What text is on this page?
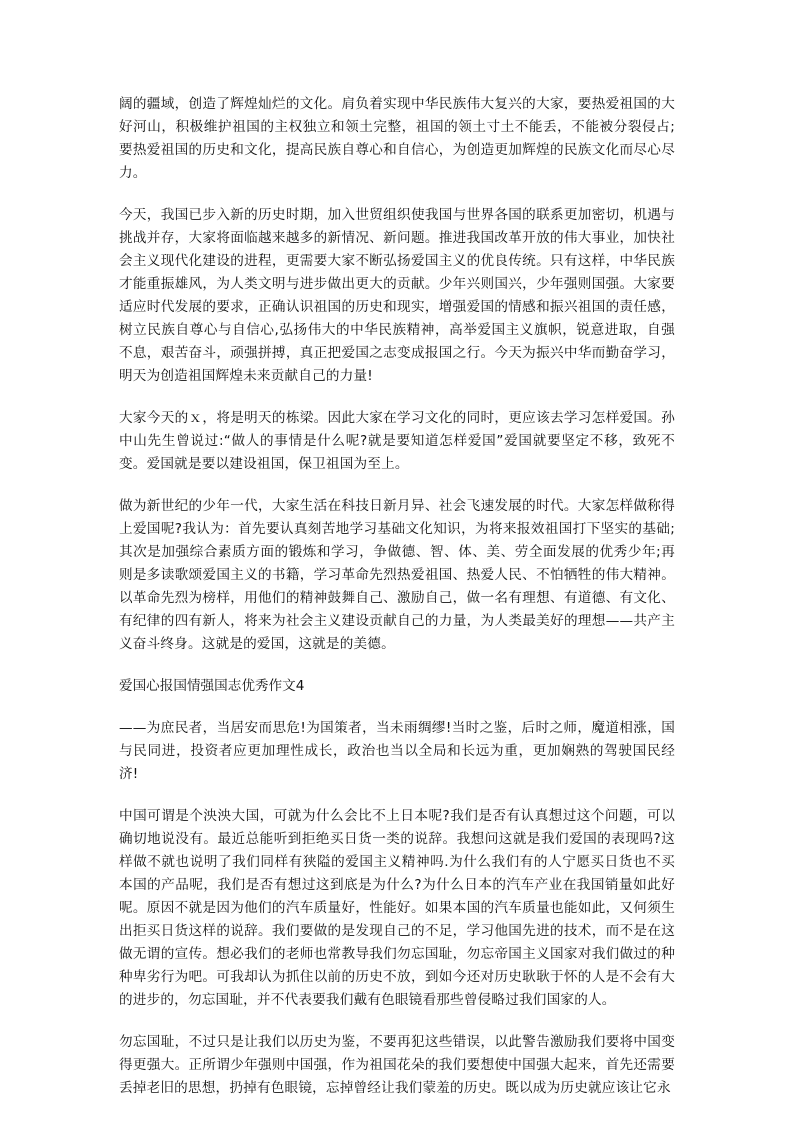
阔的疆域，创造了辉煌灿烂的文化。肩负着实现中华民族伟大复兴的大家，要热爱祖国的大好河山，积极维护祖国的主权独立和领土完整，祖国的领土寸土不能丢，不能被分裂侵占;要热爱祖国的历史和文化，提高民族自尊心和自信心，为创造更加辉煌的民族文化而尽心尽力。

今天，我国已步入新的历史时期，加入世贸组织使我国与世界各国的联系更加密切，机遇与挑战并存，大家将面临越来越多的新情况、新问题。推进我国改革开放的伟大事业，加快社会主义现代化建设的进程，更需要大家不断弘扬爱国主义的优良传统。只有这样，中华民族才能重振雄风，为人类文明与进步做出更大的贡献。少年兴则国兴，少年强则国强。大家要适应时代发展的要求，正确认识祖国的历史和现实，增强爱国的情感和振兴祖国的责任感，树立民族自尊心与自信心,弘扬伟大的中华民族精神，高举爱国主义旗帜，锐意进取，自强不息，艰苦奋斗，顽强拼搏，真正把爱国之志变成报国之行。今天为振兴中华而勤奋学习，明天为创造祖国辉煌未来贡献自己的力量!

大家今天的ｘ，将是明天的栋梁。因此大家在学习文化的同时，更应该去学习怎样爱国。孙中山先生曾说过:“做人的事情是什么呢?就是要知道怎样爱国”爱国就要坚定不移，致死不变。爱国就是要以建设祖国，保卫祖国为至上。

做为新世纪的少年一代，大家生活在科技日新月异、社会飞速发展的时代。大家怎样做称得上爱国呢?我认为：首先要认真刻苦地学习基础文化知识，为将来报效祖国打下坚实的基础;其次是加强综合素质方面的锻炼和学习，争做德、智、体、美、劳全面发展的优秀少年;再则是多读歌颂爱国主义的书籍，学习革命先烈热爱祖国、热爱人民、不怕牺牲的伟大精神。以革命先烈为榜样，用他们的精神鼓舞自己、激励自己，做一名有理想、有道德、有文化、有纪律的四有新人，将来为社会主义建设贡献自己的力量，为人类最美好的理想——共产主义奋斗终身。这就是的爱国，这就是的美德。

爱国心报国情强国志优秀作文4

——为庶民者，当居安而思危!为国策者，当未雨绸缪!当时之鉴，后时之师，魔道相涨，国与民同进，投资者应更加理性成长，政治也当以全局和长远为重，更加娴熟的驾驶国民经济!

中国可谓是个泱泱大国，可就为什么会比不上日本呢?我们是否有认真想过这个问题，可以确切地说没有。最近总能听到拒绝买日货一类的说辞。我想问这就是我们爱国的表现吗?这样做不就也说明了我们同样有狭隘的爱国主义精神吗.为什么我们有的人宁愿买日货也不买本国的产品呢，我们是否有想过这到底是为什么?为什么日本的汽车产业在我国销量如此好呢。原因不就是因为他们的汽车质量好，性能好。如果本国的汽车质量也能如此，又何须生出拒买日货这样的说辞。我们要做的是发现自己的不足，学习他国先进的技术，而不是在这做无谓的宣传。想必我们的老师也常教导我们勿忘国耻，勿忘帝国主义国家对我们做过的种种卑劣行为吧。可我却认为抓住以前的历史不放，到如今还对历史耿耿于怀的人是不会有大的进步的，勿忘国耻，并不代表要我们戴有色眼镜看那些曾侵略过我们国家的人。

勿忘国耻，不过只是让我们以历史为鉴，不要再犯这些错误，以此警告激励我们要将中国变得更强大。正所谓少年强则中国强，作为祖国花朵的我们要想使中国强大起来，首先还需要丢掉老旧的思想，扔掉有色眼镜，忘掉曾经让我们蒙羞的历史。既以成为历史就应该让它永
